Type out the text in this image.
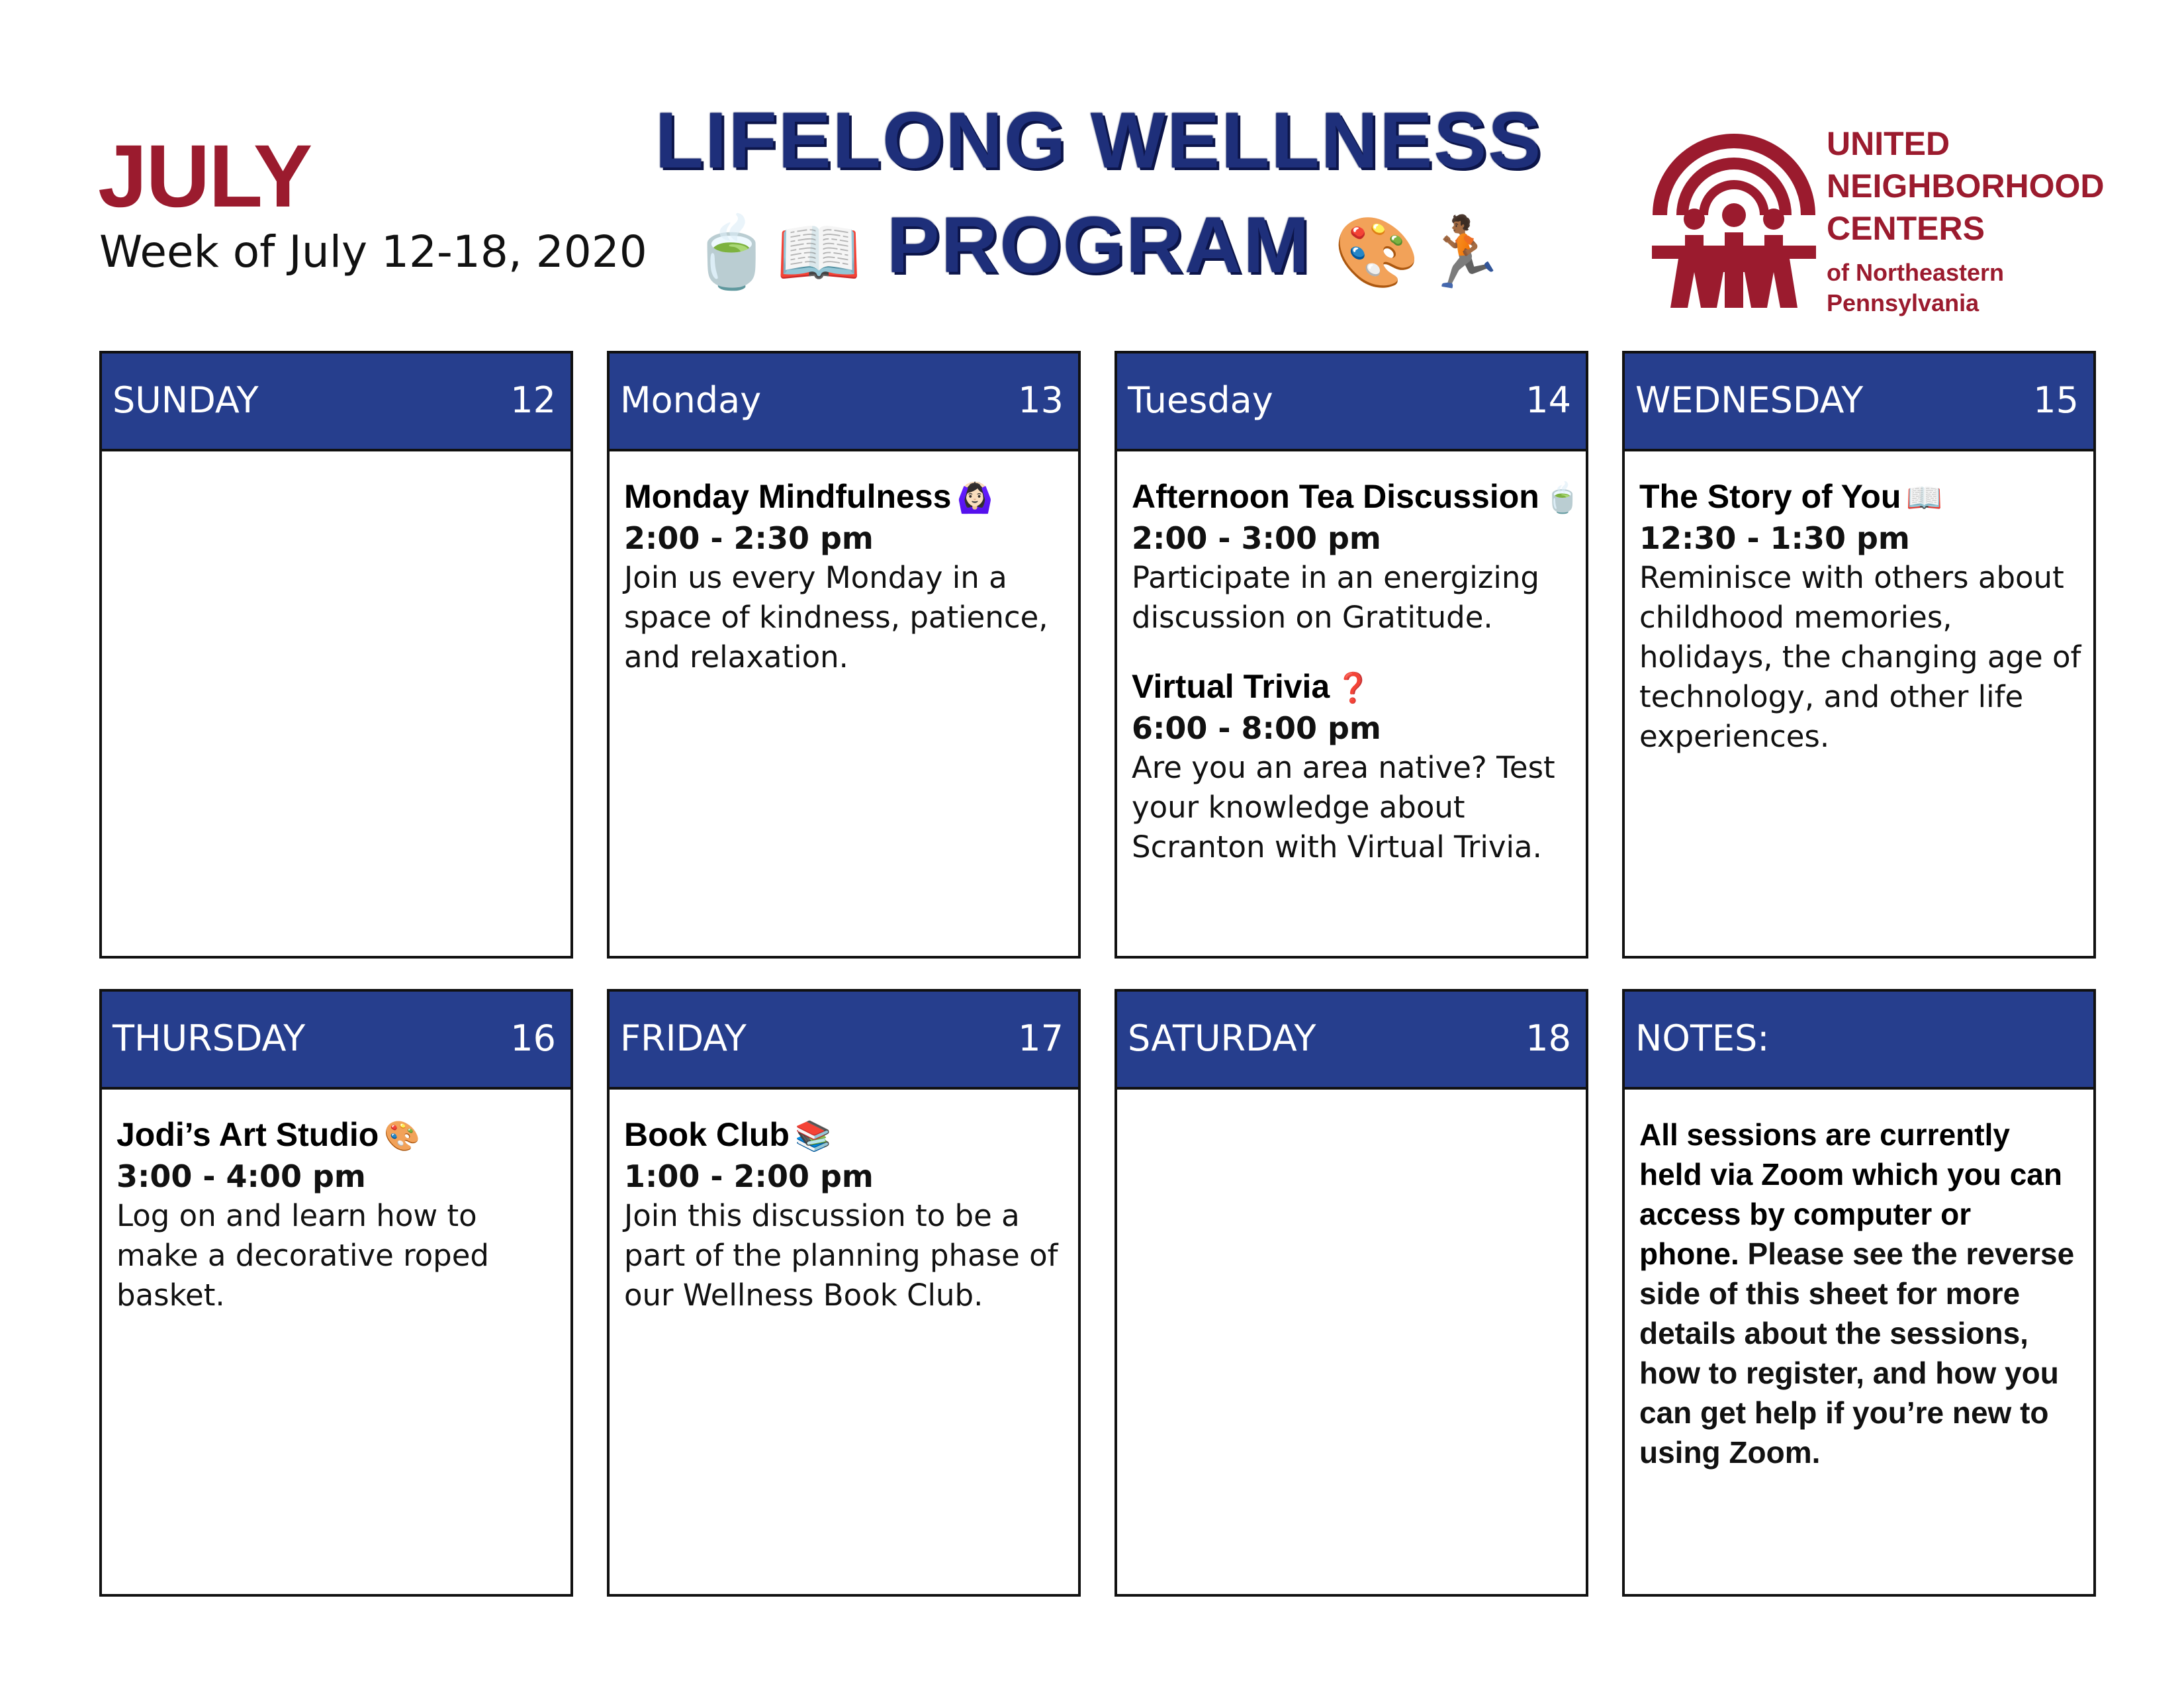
JULY
Week of July 12-18, 2020
LIFELONG WELLNESS
🍵📖 PROGRAM 🎨🏃🏾
UNITED
NEIGHBORHOOD
CENTERS
of Northeastern
Pennsylvania
SUNDAY	12 Monday	13
Monday Mindfulness 🙆🏻‍♀️
2:00 - 2:30 pm
Join us every Monday in a space of kindness, patience, and relaxation.
Tuesday	14
Afternoon Tea Discussion 🍵
2:00 - 3:00 pm
Participate in an energizing discussion on Gratitude.
Virtual Trivia ❓
6:00 - 8:00 pm
Are you an area native? Test your knowledge about Scranton with Virtual Trivia.
WEDNESDAY	15
The Story of You 📖
12:30 - 1:30 pm
Reminisce with others about childhood memories, holidays, the changing age of technology, and other life experiences.
THURSDAY	16
Jodi’s Art Studio 🎨
3:00 - 4:00 pm
Log on and learn how to make a decorative roped basket.
FRIDAY	17
Book Club 📚
1:00 - 2:00 pm
Join this discussion to be a part of the planning phase of our Wellness Book Club.
SATURDAY	18 NOTES:
All sessions are currently held via Zoom which you can access by computer or phone. Please see the reverse side of this sheet for more details about the sessions, how to register, and how you can get help if you’re new to using Zoom.
